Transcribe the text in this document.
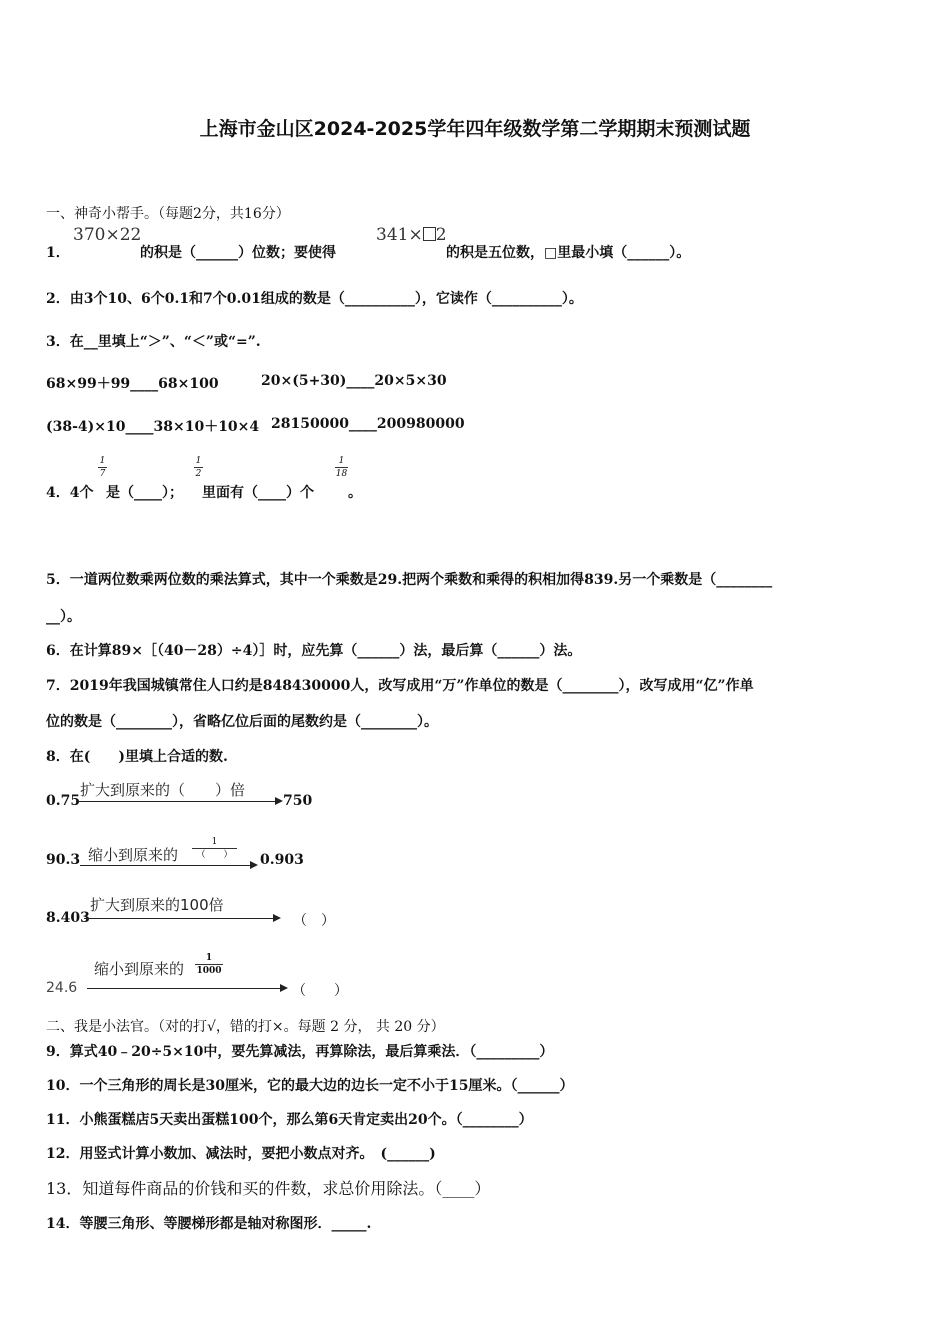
上海市金山区2024-2025学年四年级数学第二学期期末预测试题
一、神奇小帮手。（每题2分，共16分）
1．
370×22
的积是（______）位数；要使得
341× 2
的积是五位数，□里最小填（______）。
2．由3个10、6个0.1和7个0.01组成的数是（__________），它读作（__________）。
3．在__里填上“＞”、“＜”或“=”.
68×99＋99____68×100	20×(5+30)____20×5×30
(38-4)×10____38×10＋10×4 28150000____200980000
4．4个
1
7
是（____）；
1
2
里面有（____）个
1
18
。
5．一道两位数乘两位数的乘法算式，其中一个乘数是29.把两个乘数和乘得的积相加得839.另一个乘数是（________
__）。
6．在计算89×［（40－28）÷4）］时，应先算（______）法，最后算（______）法。
7．2019年我国城镇常住人口约是848430000人，改写成用“万”作单位的数是（________），改写成用“亿”作单
位的数是（________），省略亿位后面的尾数约是（________）。
8．在(　　)里填上合适的数.
0.75
扩大到原来的（　　）倍
750
90.3 缩小到原来的
1
（　　）	0.903
8.403
扩大到原来的100倍
（　）
24.6
缩小到原来的
1
1000
（　　）
二、我是小法官。（对的打√，错的打×。每题 2 分， 共 20 分）
9．算式40﹣20÷5×10中，要先算减法，再算除法，最后算乘法．（_________）
10．一个三角形的周长是30厘米，它的最大边的边长一定不小于15厘米。（______）
11．小熊蛋糕店5天卖出蛋糕100个，那么第6天肯定卖出20个。（________）
12．用竖式计算小数加、减法时，要把小数点对齐。　(______)
13．知道每件商品的价钱和买的件数，求总价用除法。（____）
14．等腰三角形、等腰梯形都是轴对称图形．_____.
